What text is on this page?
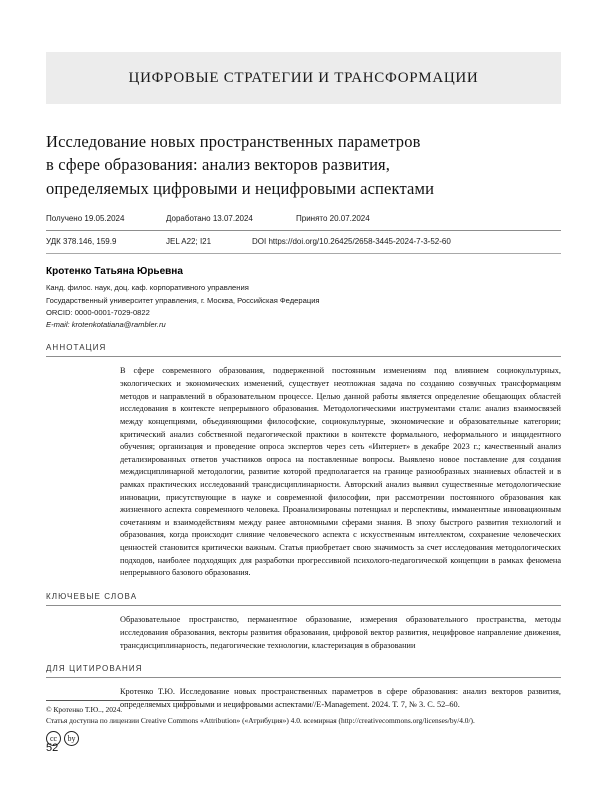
ЦИФРОВЫЕ СТРАТЕГИИ И ТРАНСФОРМАЦИИ
Исследование новых пространственных параметров
в сфере образования: анализ векторов развития,
определяемых цифровыми и нецифровыми аспектами
Получено 19.05.2024	Доработано 13.07.2024	Принято 20.07.2024
УДК 378.146, 159.9	JEL A22; I21	DOI https://doi.org/10.26425/2658-3445-2024-7-3-52-60
Кротенко Татьяна Юрьевна
Канд. филос. наук, доц. каф. корпоративного управления
Государственный университет управления, г. Москва, Российская Федерация
ORCID: 0000-0001-7029-0822
E-mail: krotenkotatiana@rambler.ru
АННОТАЦИЯ

В сфере современного образования, подверженной постоянным изменениям под влиянием социокультурных, экологических и экономических изменений, существует неотложная задача по созданию созвучных трансформациям методов и направлений в образовательном процессе. Целью данной работы является определение обещающих областей исследования в контексте непрерывного образования. Методологическими инструментами стали: анализ взаимосвязей между концепциями, объединяющими философские, социокультурные, экономические и образовательные категории; критический анализ собственной педагогической практики в контексте формального, неформального и инцидентного обучения; организация и проведение опроса экспертов через сеть «Интернет» в декабре 2023 г.; качественный анализ детализированных ответов участников опроса на поставленные вопросы. Выявлено новое поставление для создания междисциплинарной методологии, развитие которой предполагается на границе разнообразных знаниевых областей и в рамках практических исследований трансдисциплинарности. Авторский анализ выявил существенные методологические инновации, присутствующие в науке и современной философии, при рассмотрении постоянного образования как жизненного аспекта современного человека. Проанализированы потенциал и перспективы, имманентные инновационным сочетаниям и взаимодействиям между ранее автономными сферами знания. В эпоху быстрого развития технологий и образования, когда происходит слияние человеческого аспекта с искусственным интеллектом, сохранение человеческих ценностей становится критически важным. Статья приобретает свою значимость за счет исследования методологических подходов, наиболее подходящих для разработки прогрессивной психолого-педагогической концепции в рамках феномена непрерывного базового образования.

КЛЮЧЕВЫЕ СЛОВА

Образовательное пространство, перманентное образование, измерения образовательного пространства, методы исследования образования, векторы развития образования, цифровой вектор развития, нецифровое направление движения, трансдисциплинарность, педагогические технологии, кластеризация в образовании

ДЛЯ ЦИТИРОВАНИЯ

Кротенко Т.Ю. Исследование новых пространственных параметров в сфере образования: анализ векторов развития, определяемых цифровыми и нецифровыми аспектами//E-Management. 2024. Т. 7, № 3. С. 52–60.

© Кротенко Т.Ю.., 2024.
Статья доступна по лицензии Creative Commons «Attribution» («Атрибуция») 4.0. всемирная (http://creativecommons.org/licenses/by/4.0/).
cc	by
52
